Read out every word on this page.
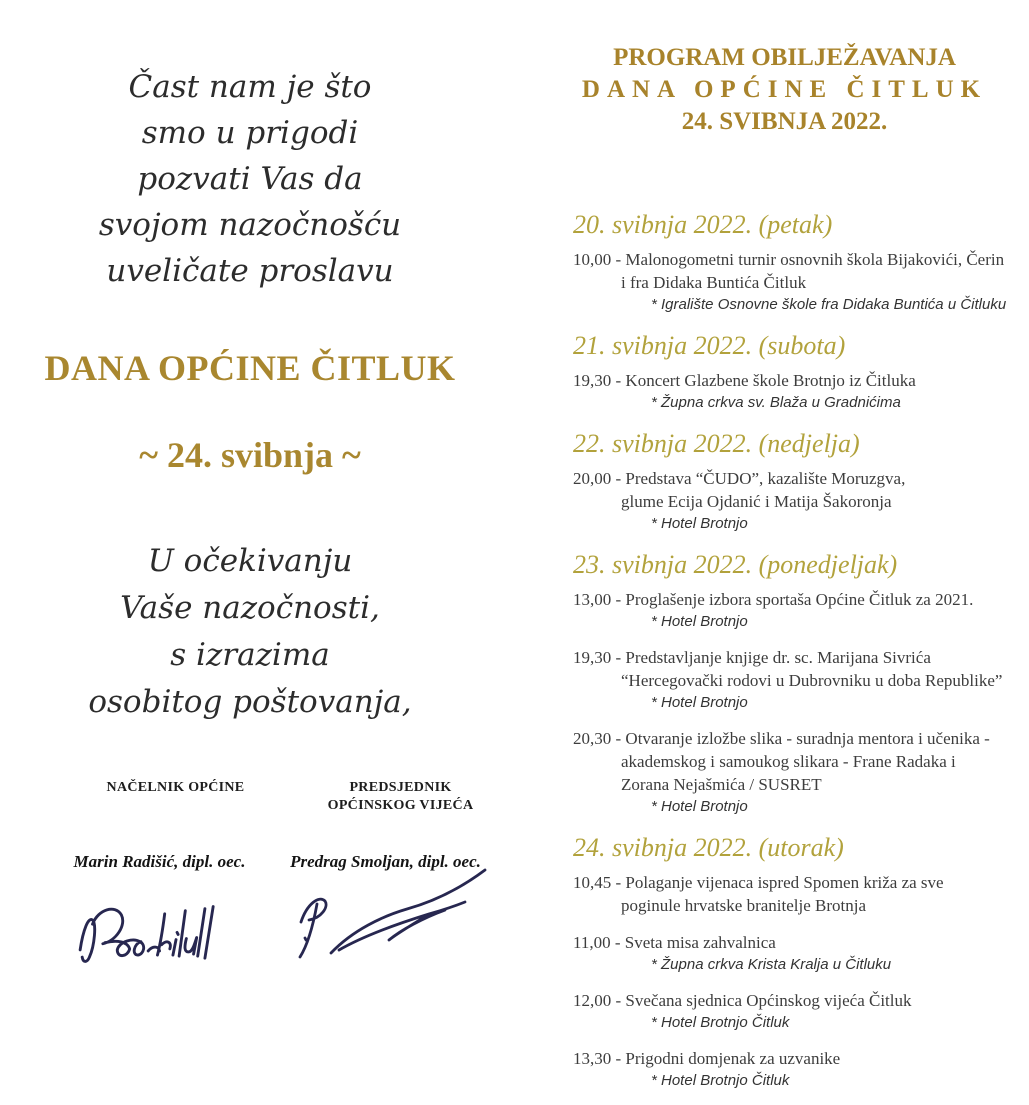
Čast nam je što
smo u prigodi
pozvati Vas da
svojom nazočnošću
uveličate proslavu
DANA OPĆINE ČITLUK
~ 24. svibnja ~
U očekivanju
Vaše nazočnosti,
s izrazima
osobitog poštovanja,
NAČELNIK OPĆINE	PREDSJEDNIK
OPĆINSKOG VIJEĆA
Marin Radišić, dipl. oec.	Predrag Smoljan, dipl. oec.
PROGRAM OBILJEŽAVANJA
DANA OPĆINE ČITLUK
24. SVIBNJA 2022.
20. svibnja 2022. (petak)
10,00 - Malonogometni turnir osnovnih škola Bijakovići, Čerin
i fra Didaka Buntića Čitluk
* Igralište Osnovne škole fra Didaka Buntića u Čitluku
21. svibnja 2022. (subota)
19,30 - Koncert Glazbene škole Brotnjo iz Čitluka
* Župna crkva sv. Blaža u Gradnićima
22. svibnja 2022. (nedjelja)
20,00 - Predstava “ČUDO”, kazalište Moruzgva,
glume Ecija Ojdanić i Matija Šakoronja
* Hotel Brotnjo
23. svibnja 2022. (ponedjeljak)
13,00 - Proglašenje izbora sportaša Općine Čitluk za 2021.
* Hotel Brotnjo
19,30 - Predstavljanje knjige dr. sc. Marijana Sivrića
“Hercegovački rodovi u Dubrovniku u doba Republike”
* Hotel Brotnjo
20,30 - Otvaranje izložbe slika - suradnja mentora i učenika -
akademskog i samoukog slikara - Frane Radaka i
Zorana Nejašmića / SUSRET
* Hotel Brotnjo
24. svibnja 2022. (utorak)
10,45 - Polaganje vijenaca ispred Spomen križa za sve
poginule hrvatske branitelje Brotnja
11,00 - Sveta misa zahvalnica
* Župna crkva Krista Kralja u Čitluku
12,00 - Svečana sjednica Općinskog vijeća Čitluk
* Hotel Brotnjo Čitluk
13,30 - Prigodni domjenak za uzvanike
* Hotel Brotnjo Čitluk
